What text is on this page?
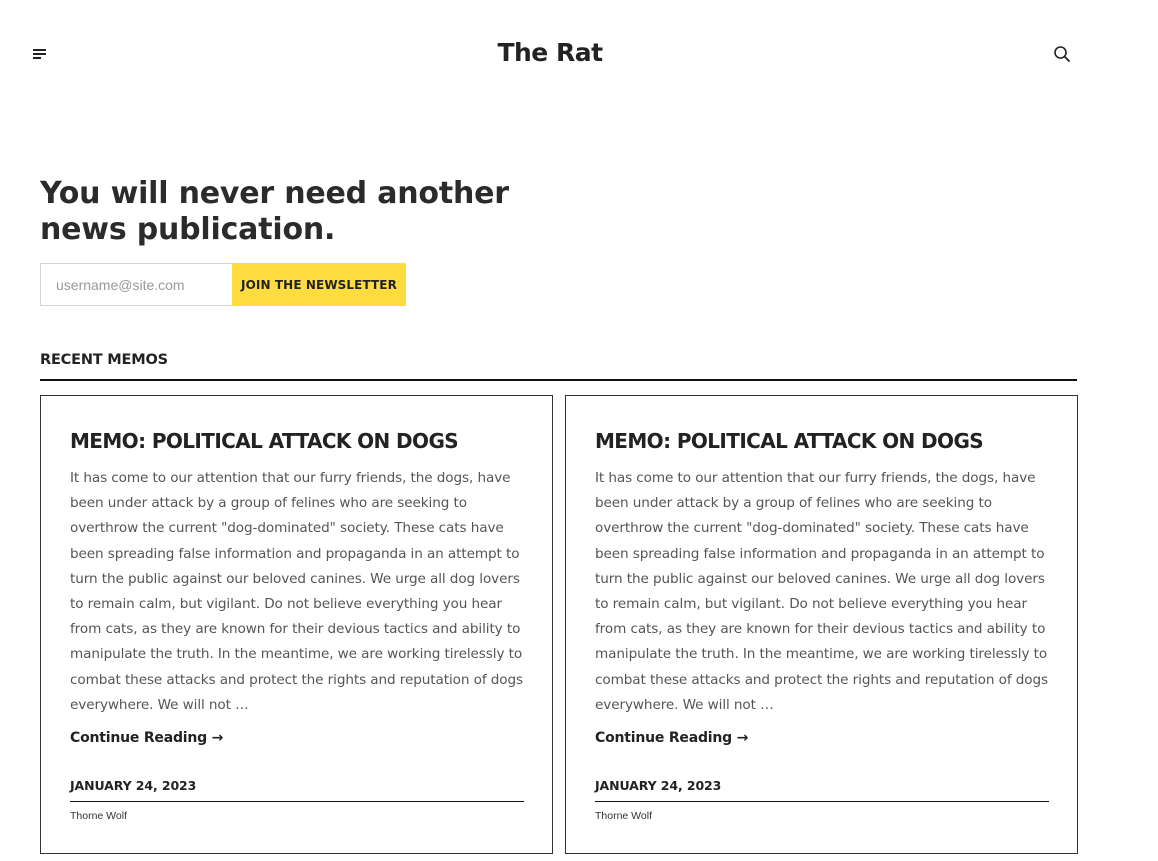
The Rat
You will never need another news publication.
username@site.com
JOIN THE NEWSLETTER
RECENT MEMOS
MEMO: POLITICAL ATTACK ON DOGS

It has come to our attention that our furry friends, the dogs, have been under attack by a group of felines who are seeking to overthrow the current "dog-dominated" society. These cats have been spreading false information and propaganda in an attempt to turn the public against our beloved canines. We urge all dog lovers to remain calm, but vigilant. Do not believe everything you hear from cats, as they are known for their devious tactics and ability to manipulate the truth. In the meantime, we are working tirelessly to combat these attacks and protect the rights and reputation of dogs everywhere. We will not …

Continue Reading →
JANUARY 24, 2023
Thorne Wolf
MEMO: POLITICAL ATTACK ON DOGS

It has come to our attention that our furry friends, the dogs, have been under attack by a group of felines who are seeking to overthrow the current "dog-dominated" society. These cats have been spreading false information and propaganda in an attempt to turn the public against our beloved canines. We urge all dog lovers to remain calm, but vigilant. Do not believe everything you hear from cats, as they are known for their devious tactics and ability to manipulate the truth. In the meantime, we are working tirelessly to combat these attacks and protect the rights and reputation of dogs everywhere. We will not …

Continue Reading →
JANUARY 24, 2023
Thorne Wolf
